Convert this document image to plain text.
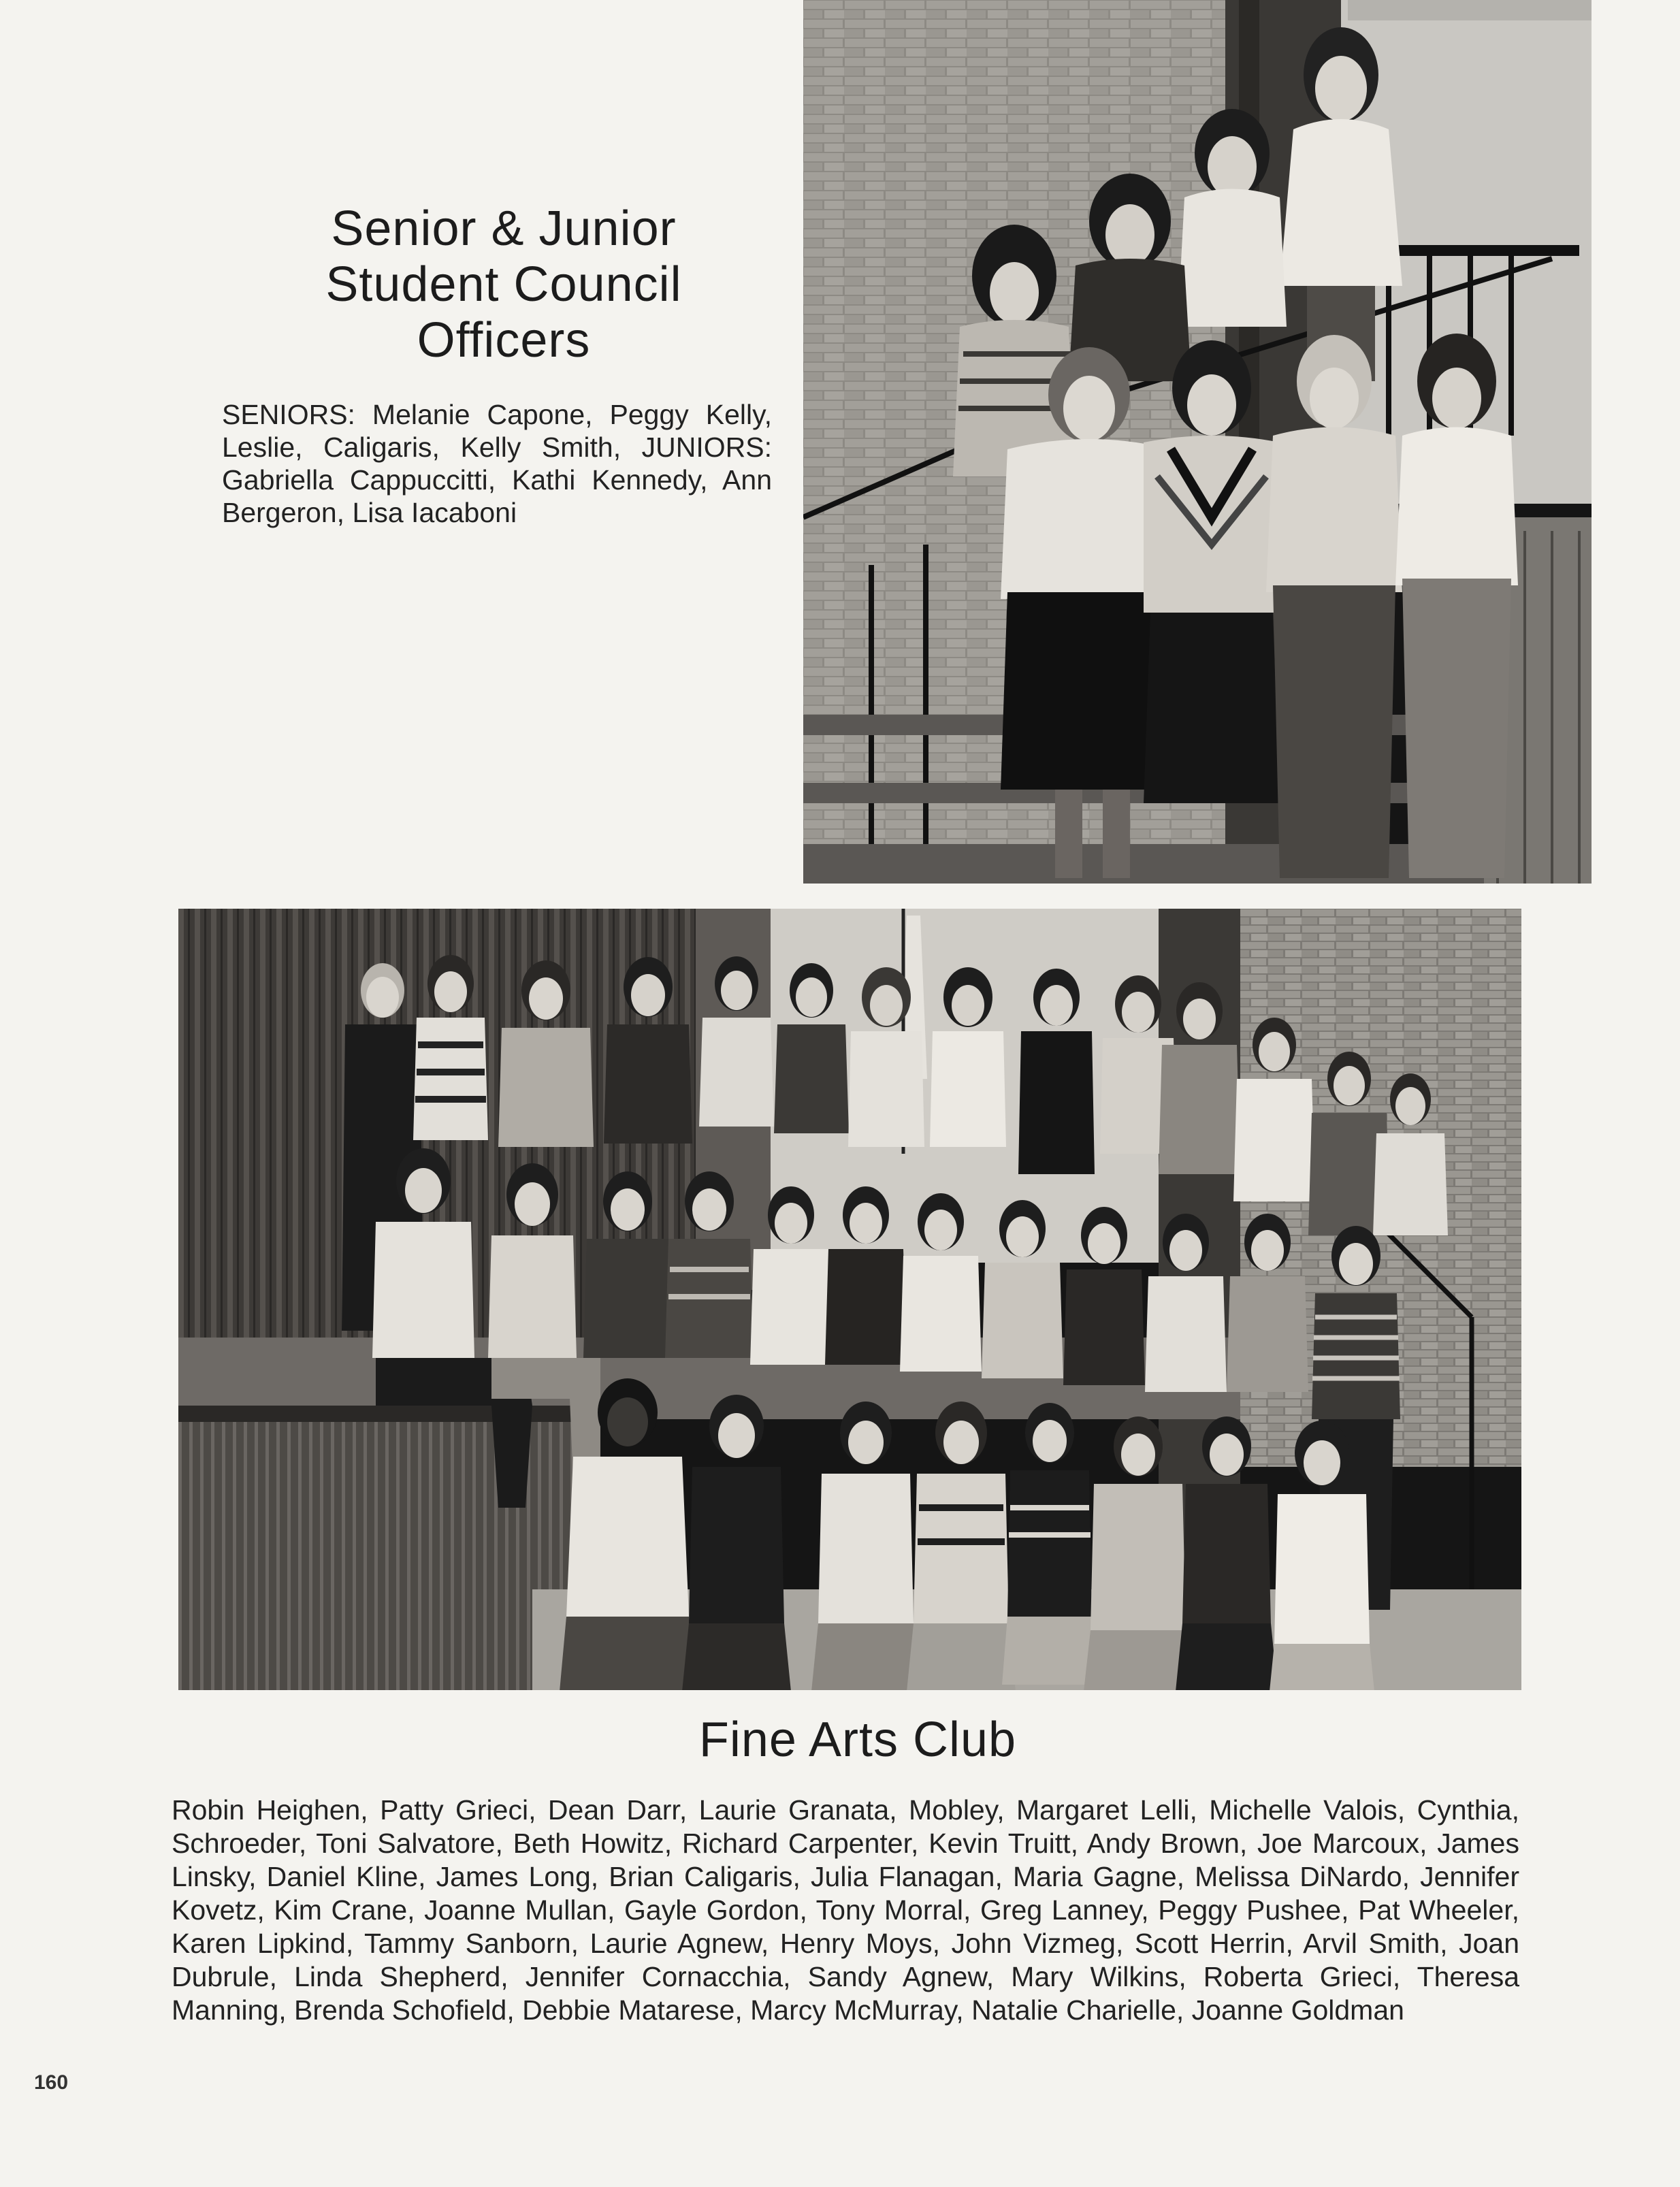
Senior & Junior
Student Council
Officers

SENIORS: Melanie Capone, Peggy Kelly, Leslie, Caligaris, Kelly Smith, JUNIORS: Gabriella Cappuccitti, Kathi Kennedy, Ann Bergeron, Lisa Iacaboni

Fine Arts Club

Robin Heighen, Patty Grieci, Dean Darr, Laurie Granata, Mobley, Margaret Lelli, Michelle Valois, Cynthia, Schroeder, Toni Salvatore, Beth Howitz, Richard Carpenter, Kevin Truitt, Andy Brown, Joe Marcoux, James Linsky, Daniel Kline, James Long, Brian Caligaris, Julia Flanagan, Maria Gagne, Melissa DiNardo, Jennifer Kovetz, Kim Crane, Joanne Mullan, Gayle Gordon, Tony Morral, Greg Lanney, Peggy Pushee, Pat Wheeler, Karen Lipkind, Tammy Sanborn, Laurie Agnew, Henry Moys, John Vizmeg, Scott Herrin, Arvil Smith, Joan Dubrule, Linda Shepherd, Jennifer Cornacchia, Sandy Agnew, Mary Wilkins, Roberta Grieci, Theresa Manning, Brenda Schofield, Debbie Matarese, Marcy McMurray, Natalie Charielle, Joanne Goldman

160
